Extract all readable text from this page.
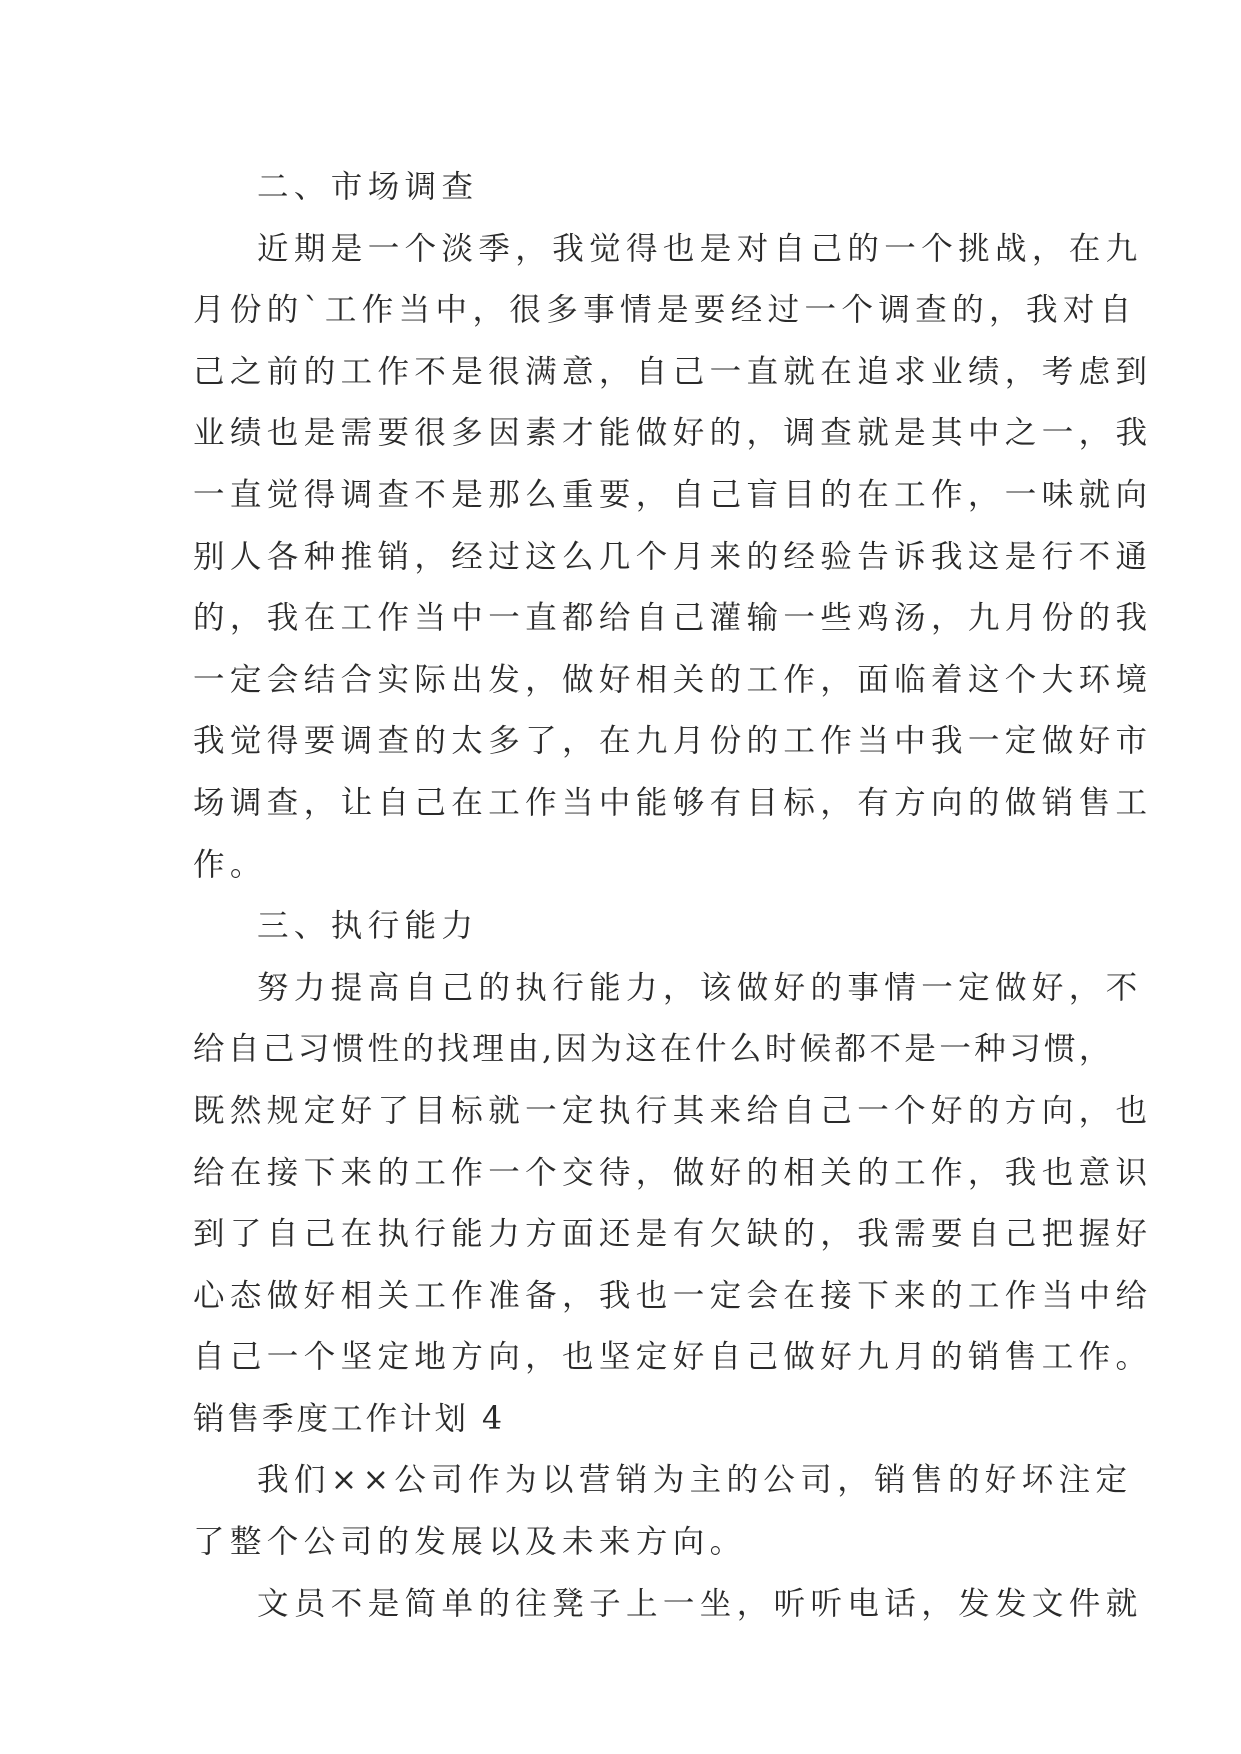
二、市场调查
近期是一个淡季，我觉得也是对自己的一个挑战，在九
月份的`工作当中，很多事情是要经过一个调查的，我对自
己之前的工作不是很满意，自己一直就在追求业绩，考虑到
业绩也是需要很多因素才能做好的，调查就是其中之一，我
一直觉得调查不是那么重要，自己盲目的在工作，一味就向
别人各种推销，经过这么几个月来的经验告诉我这是行不通
的，我在工作当中一直都给自己灌输一些鸡汤，九月份的我
一定会结合实际出发，做好相关的工作，面临着这个大环境
我觉得要调查的太多了，在九月份的工作当中我一定做好市
场调查，让自己在工作当中能够有目标，有方向的做销售工
作。
三、执行能力
努力提高自己的执行能力，该做好的事情一定做好，不
给自己习惯性的找理由,因为这在什么时候都不是一种习惯，
既然规定好了目标就一定执行其来给自己一个好的方向，也
给在接下来的工作一个交待，做好的相关的工作，我也意识
到了自己在执行能力方面还是有欠缺的，我需要自己把握好
心态做好相关工作准备，我也一定会在接下来的工作当中给
自己一个坚定地方向，也坚定好自己做好九月的销售工作。
销售季度工作计划 4
我们××公司作为以营销为主的公司，销售的好坏注定
了整个公司的发展以及未来方向。
文员不是简单的往凳子上一坐，听听电话，发发文件就
